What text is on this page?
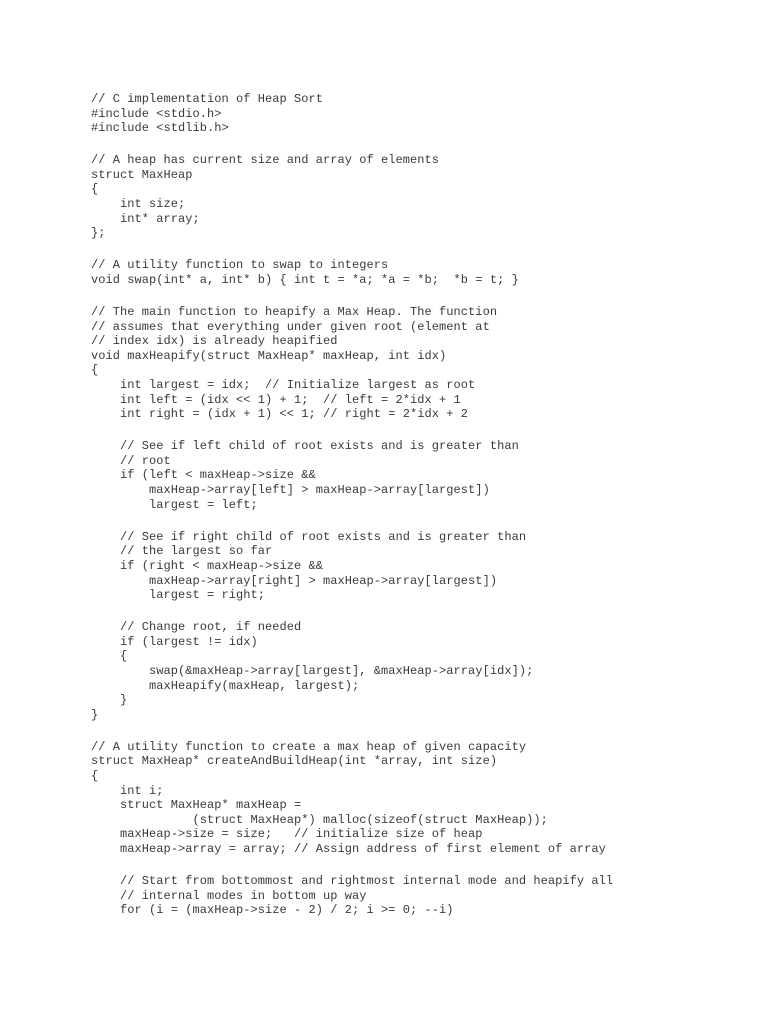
// C implementation of Heap Sort
#include <stdio.h>
#include <stdlib.h>
// A heap has current size and array of elements
struct MaxHeap
{
int size;
int* array;
};
// A utility function to swap to integers
void swap(int* a, int* b) { int t = *a; *a = *b;  *b = t; }
// The main function to heapify a Max Heap. The function
// assumes that everything under given root (element at
// index idx) is already heapified
void maxHeapify(struct MaxHeap* maxHeap, int idx)
{
int largest = idx;  // Initialize largest as root
int left = (idx << 1) + 1;  // left = 2*idx + 1
int right = (idx + 1) << 1; // right = 2*idx + 2
// See if left child of root exists and is greater than
// root
if (left < maxHeap->size &&
maxHeap->array[left] > maxHeap->array[largest])
largest = left;
// See if right child of root exists and is greater than
// the largest so far
if (right < maxHeap->size &&
maxHeap->array[right] > maxHeap->array[largest])
largest = right;
// Change root, if needed
if (largest != idx)
{
swap(&maxHeap->array[largest], &maxHeap->array[idx]);
maxHeapify(maxHeap, largest);
}
}
// A utility function to create a max heap of given capacity
struct MaxHeap* createAndBuildHeap(int *array, int size)
{
int i;
struct MaxHeap* maxHeap =
(struct MaxHeap*) malloc(sizeof(struct MaxHeap));
maxHeap->size = size;   // initialize size of heap
maxHeap->array = array; // Assign address of first element of array
// Start from bottommost and rightmost internal mode and heapify all
// internal modes in bottom up way
for (i = (maxHeap->size - 2) / 2; i >= 0; --i)
